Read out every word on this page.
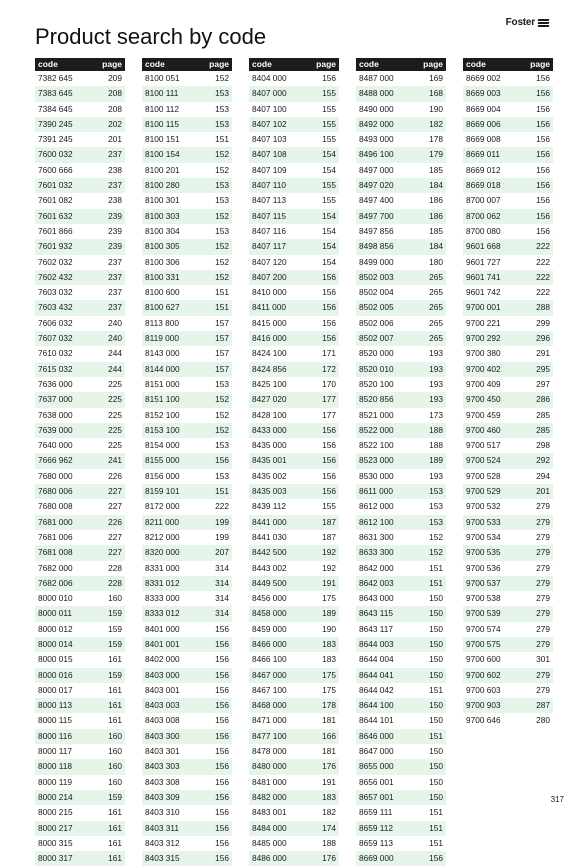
Foster
Product search by code
code	page
7382 645	209
7383 645	208
7384 645	208
7390 245	202
7391 245	201
7600 032	237
7600 666	238
7601 032	237
7601 082	238
7601 632	239
7601 866	239
7601 932	239
7602 032	237
7602 432	237
7603 032	237
7603 432	237
7606 032	240
7607 032	240
7610 032	244
7615 032	244
7636 000	225
7637 000	225
7638 000	225
7639 000	225
7640 000	225
7666 962	241
7680 000	226
7680 006	227
7680 008	227
7681 000	226
7681 006	227
7681 008	227
7682 000	228
7682 006	228
8000 010	160
8000 011	159
8000 012	159
8000 014	159
8000 015	161
8000 016	159
8000 017	161
8000 113	161
8000 115	161
8000 116	160
8000 117	160
8000 118	160
8000 119	160
8000 214	159
8000 215	161
8000 217	161
8000 315	161
8000 317	161
code	page
8100 051	152
8100 111	153
8100 112	153
8100 115	153
8100 151	151
8100 154	152
8100 201	152
8100 280	153
8100 301	153
8100 303	152
8100 304	153
8100 305	152
8100 306	152
8100 331	152
8100 600	151
8100 627	151
8113 800	157
8119 000	157
8143 000	157
8144 000	157
8151 000	153
8151 100	152
8152 100	152
8153 100	152
8154 000	153
8155 000	156
8156 000	153
8159 101	151
8172 000	222
8211 000	199
8212 000	199
8320 000	207
8331 000	314
8331 012	314
8333 000	314
8333 012	314
8401 000	156
8401 001	156
8402 000	156
8403 000	156
8403 001	156
8403 003	156
8403 008	156
8403 300	156
8403 301	156
8403 303	156
8403 308	156
8403 309	156
8403 310	156
8403 311	156
8403 312	156
8403 315	156
code	page
8404 000	156
8407 000	155
8407 100	155
8407 102	155
8407 103	155
8407 108	154
8407 109	154
8407 110	155
8407 113	155
8407 115	154
8407 116	154
8407 117	154
8407 120	154
8407 200	156
8410 000	156
8411 000	156
8415 000	156
8416 000	156
8424 100	171
8424 856	172
8425 100	170
8427 020	177
8428 100	177
8433 000	156
8435 000	156
8435 001	156
8435 002	156
8435 003	156
8439 112	155
8441 000	187
8441 030	187
8442 500	192
8443 002	192
8449 500	191
8456 000	175
8458 000	189
8459 000	190
8466 000	183
8466 100	183
8467 000	175
8467 100	175
8468 000	178
8471 000	181
8477 100	166
8478 000	181
8480 000	176
8481 000	191
8482 000	183
8483 001	182
8484 000	174
8485 000	188
8486 000	176
code	page
8487 000	169
8488 000	168
8490 000	190
8492 000	182
8493 000	178
8496 100	179
8497 000	185
8497 020	184
8497 400	186
8497 700	186
8497 856	185
8498 856	184
8499 000	180
8502 003	265
8502 004	265
8502 005	265
8502 006	265
8502 007	265
8520 000	193
8520 010	193
8520 100	193
8520 856	193
8521 000	173
8522 000	188
8522 100	188
8523 000	189
8530 000	193
8611 000	153
8612 000	153
8612 100	153
8631 300	152
8633 300	152
8642 000	151
8642 003	151
8643 000	150
8643 115	150
8643 117	150
8644 003	150
8644 004	150
8644 041	150
8644 042	151
8644 100	150
8644 101	150
8646 000	151
8647 000	150
8655 000	150
8656 001	150
8657 001	150
8659 111	151
8659 112	151
8659 113	151
8669 000	156
code	page
8669 002	156
8669 003	156
8669 004	156
8669 006	156
8669 008	156
8669 011	156
8669 012	156
8669 018	156
8700 007	156
8700 062	156
8700 080	156
9601 668	222
9601 727	222
9601 741	222
9601 742	222
9700 001	288
9700 221	299
9700 292	296
9700 380	291
9700 402	295
9700 409	297
9700 450	286
9700 459	285
9700 460	285
9700 517	298
9700 524	292
9700 528	294
9700 529	201
9700 532	279
9700 533	279
9700 534	279
9700 535	279
9700 536	279
9700 537	279
9700 538	279
9700 539	279
9700 574	279
9700 575	279
9700 600	301
9700 602	279
9700 603	279
9700 903	287
9700 646	280
317
